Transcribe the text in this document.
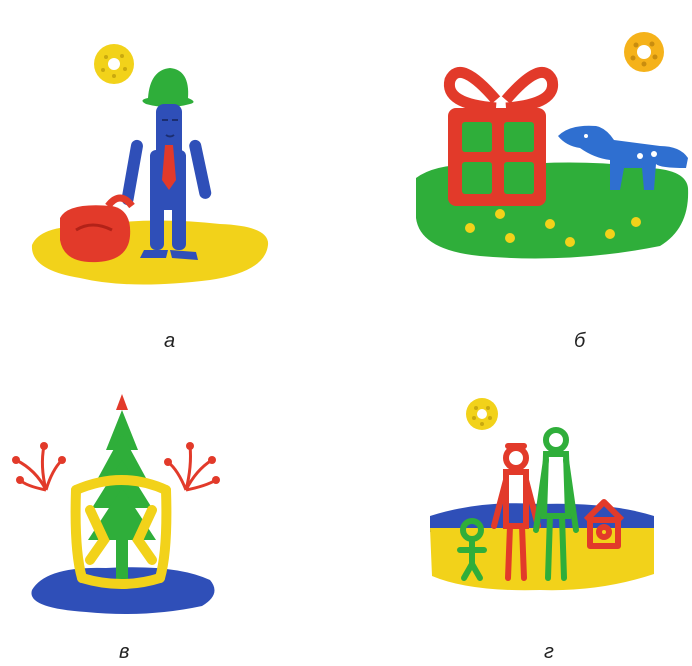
а	б
в	г
